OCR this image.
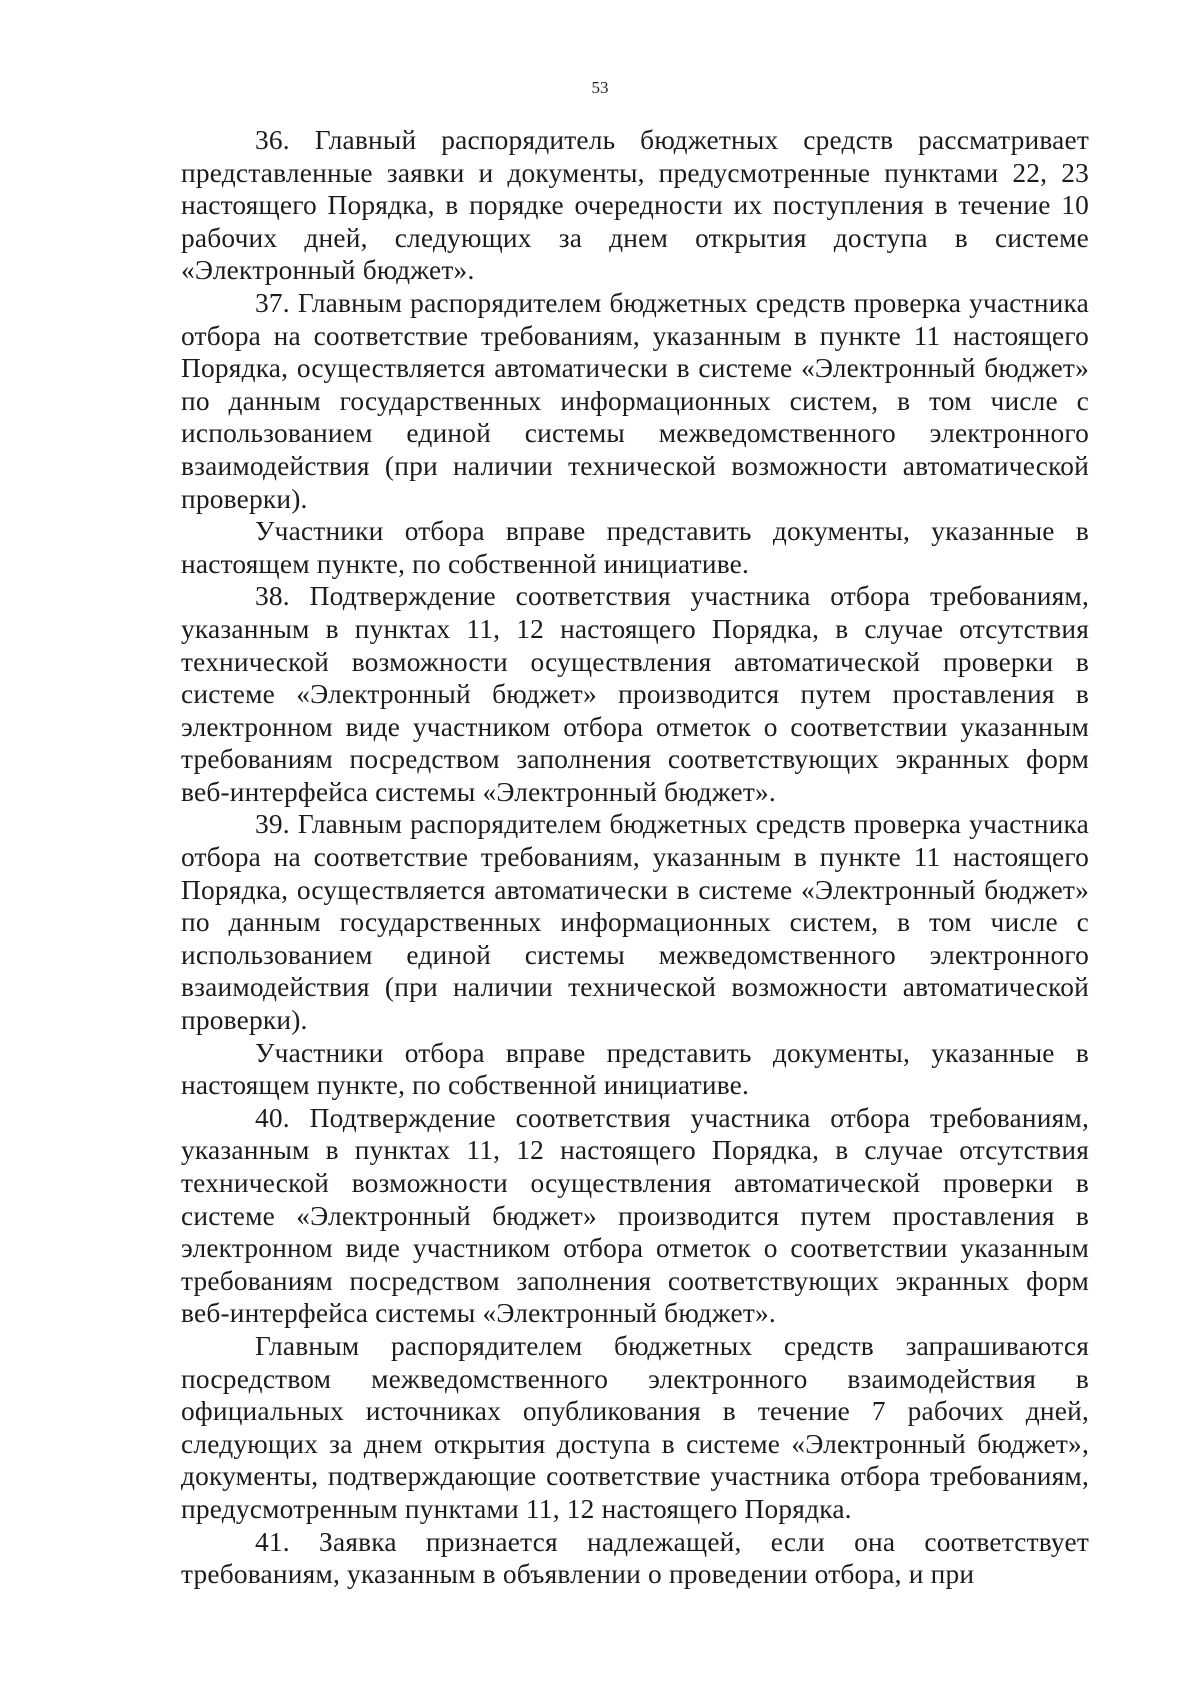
53

36. Главный распорядитель бюджетных средств рассматривает представленные заявки и документы, предусмотренные пунктами 22, 23 настоящего Порядка, в порядке очередности их поступления в течение 10 рабочих дней, следующих за днем открытия доступа в системе «Электронный бюджет».

37. Главным распорядителем бюджетных средств проверка участника отбора на соответствие требованиям, указанным в пункте 11 настоящего Порядка, осуществляется автоматически в системе «Электронный бюджет» по данным государственных информационных систем, в том числе с использованием единой системы межведомственного электронного взаимодействия (при наличии технической возможности автоматической проверки).

Участники отбора вправе представить документы, указанные в настоящем пункте, по собственной инициативе.

38. Подтверждение соответствия участника отбора требованиям, указанным в пунктах 11, 12 настоящего Порядка, в случае отсутствия технической возможности осуществления автоматической проверки в системе «Электронный бюджет» производится путем проставления в электронном виде участником отбора отметок о соответствии указанным требованиям посредством заполнения соответствующих экранных форм веб-интерфейса системы «Электронный бюджет».

39. Главным распорядителем бюджетных средств проверка участника отбора на соответствие требованиям, указанным в пункте 11 настоящего Порядка, осуществляется автоматически в системе «Электронный бюджет» по данным государственных информационных систем, в том числе с использованием единой системы межведомственного электронного взаимодействия (при наличии технической возможности автоматической проверки).

Участники отбора вправе представить документы, указанные в настоящем пункте, по собственной инициативе.

40. Подтверждение соответствия участника отбора требованиям, указанным в пунктах 11, 12 настоящего Порядка, в случае отсутствия технической возможности осуществления автоматической проверки в системе «Электронный бюджет» производится путем проставления в электронном виде участником отбора отметок о соответствии указанным требованиям посредством заполнения соответствующих экранных форм веб-интерфейса системы «Электронный бюджет».

Главным распорядителем бюджетных средств запрашиваются посредством межведомственного электронного взаимодействия в официальных источниках опубликования в течение 7 рабочих дней, следующих за днем открытия доступа в системе «Электронный бюджет», документы, подтверждающие соответствие участника отбора требованиям, предусмотренным пунктами 11, 12 настоящего Порядка.

41. Заявка признается надлежащей, если она соответствует требованиям, указанным в объявлении о проведении отбора, и при
